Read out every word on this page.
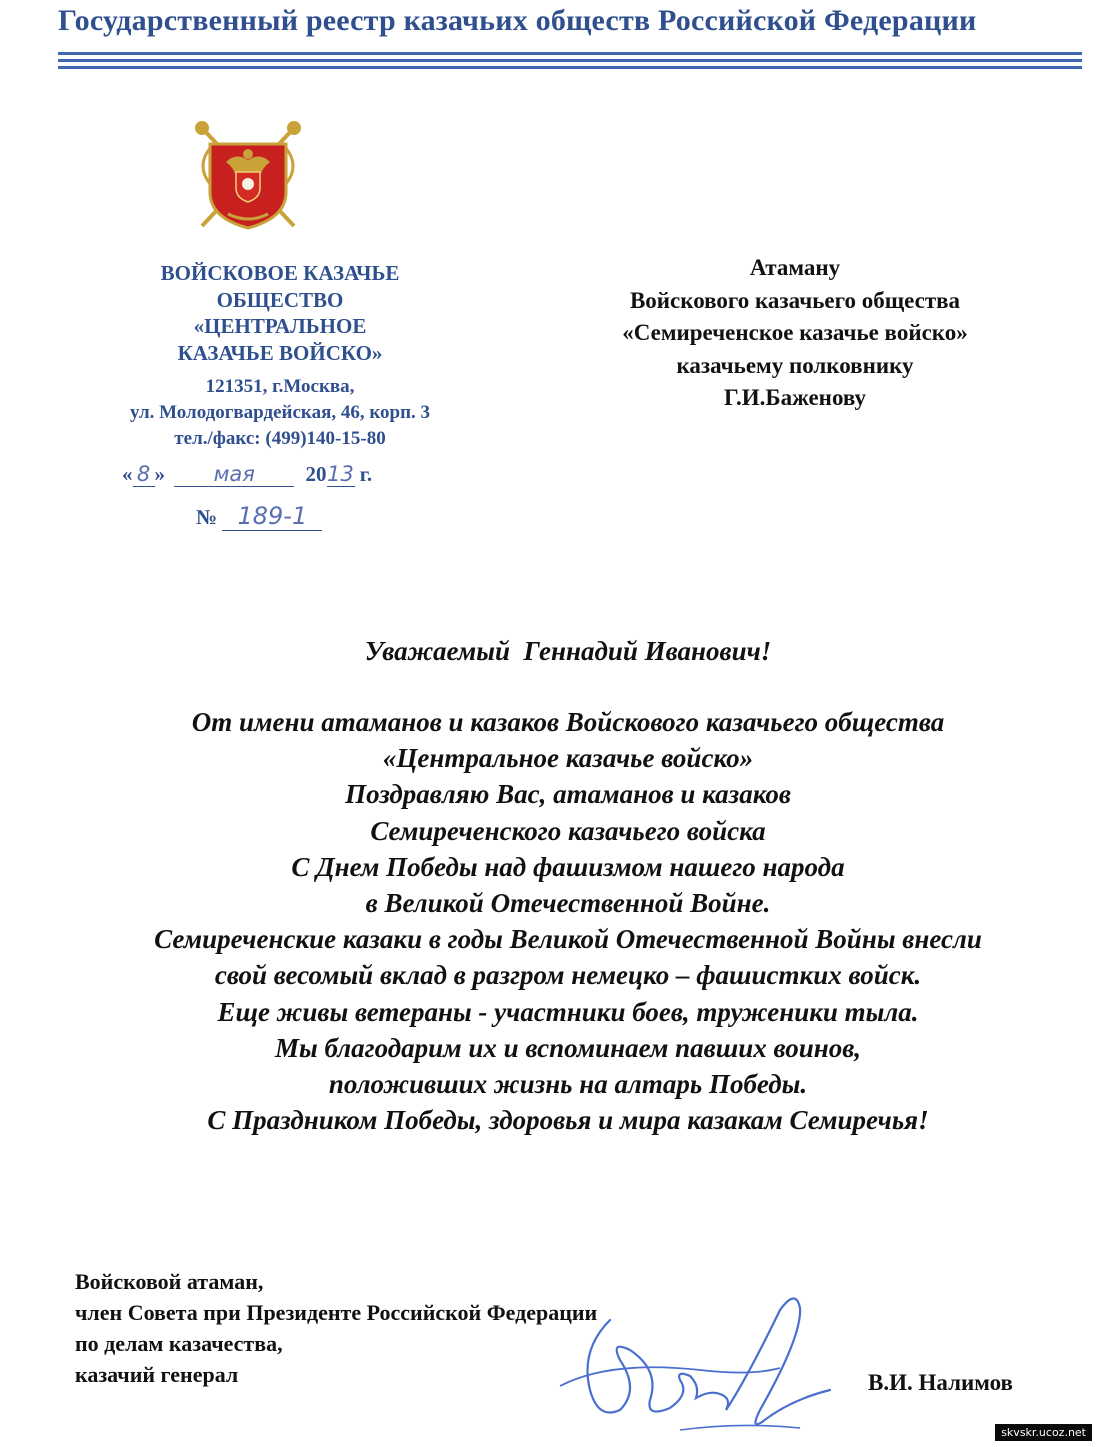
Государственный реестр казачьих обществ Российской Федерации
ВОЙСКОВОЕ КАЗАЧЬЕ
ОБЩЕСТВО
«ЦЕНТРАЛЬНОЕ
КАЗАЧЬЕ ВОЙСКО»
121351, г.Москва,
ул. Молодогвардейская, 46, корп. 3
тел./факс: (499)140-15-80
« 8 » мая 2013 г.
№ 189-1
Атаману
Войскового казачьего общества
«Семиреченское казачье войско»
казачьему полковнику
Г.И.Баженову
Уважаемый  Геннадий Иванович!
От имени атаманов и казаков Войскового казачьего общества
«Центральное казачье войско»
Поздравляю Вас, атаманов и казаков
Семиреченского казачьего войска
С Днем Победы над фашизмом нашего народа
в Великой Отечественной Войне.
Семиреченские казаки в годы Великой Отечественной Войны внесли
свой весомый вклад в разгром немецко – фашистких войск.
Еще живы ветераны - участники боев, труженики тыла.
Мы благодарим их и вспоминаем павших воинов,
положивших жизнь на алтарь Победы.
С Праздником Победы, здоровья и мира казакам Семиречья!
Войсковой атаман,
член Совета при Президенте Российской Федерации
по делам казачества,
казачий генерал	В.И. Налимов
skvskr.ucoz.net
